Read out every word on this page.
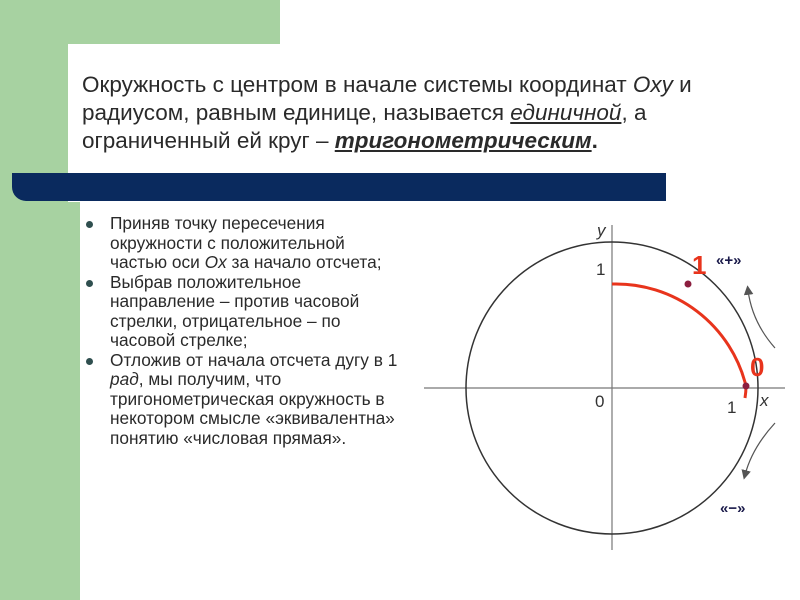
Окружность с центром в начале системы координат Oxy и радиусом, равным единице, называется единичной, а ограниченный ей круг – тригонометрическим.
Приняв точку пересечения окружности с положительной частью оси Ox за начало отсчета;
Выбрав положительное направление – против часовой стрелки, отрицательное – по часовой стрелке;
Отложив от начала отсчета дугу в 1 рад, мы получим, что тригонометрическая окружность в некотором смысле «эквивалентна» понятию «числовая прямая».
y
x
0	1
1	1
0
«+»
«−»
